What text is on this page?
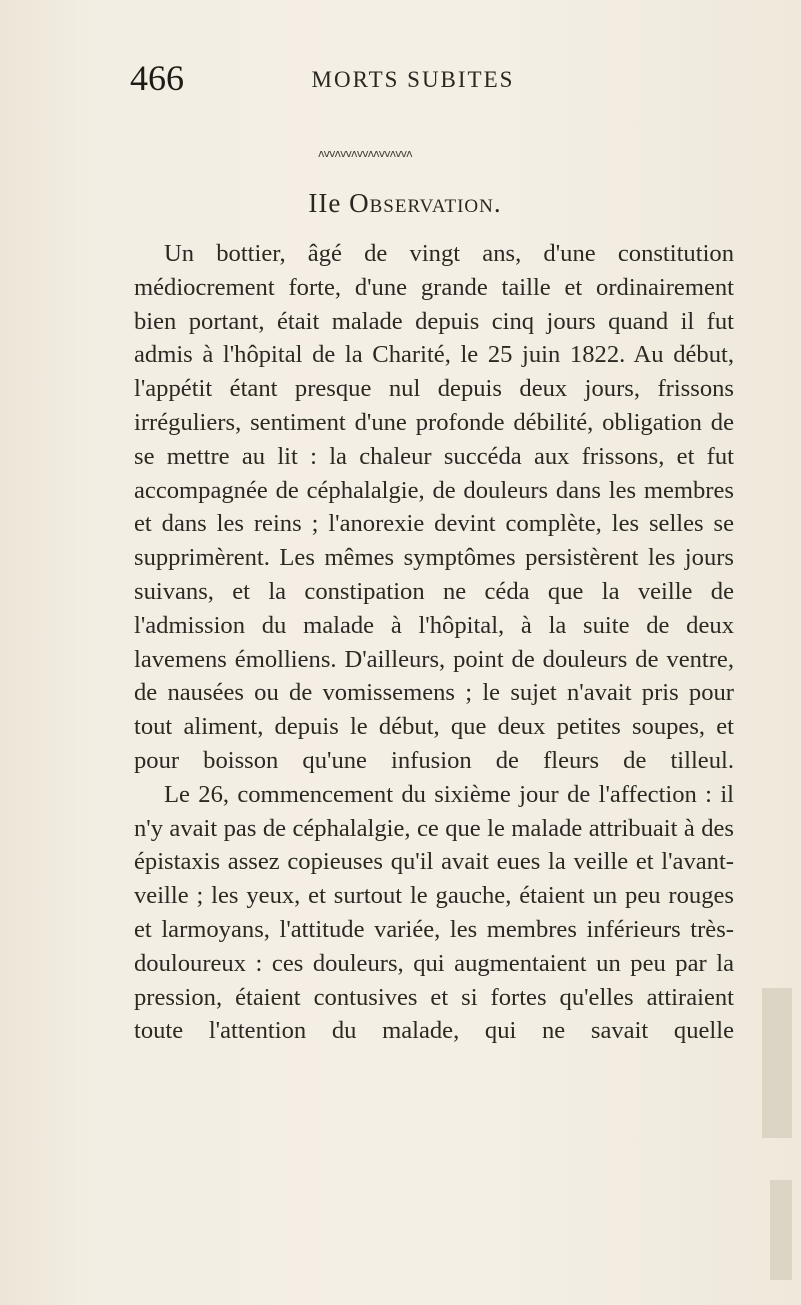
466	MORTS SUBITES
ʌvvʌvvʌvvʌʌvvʌvvʌ
IIe Observation.

Un bottier, âgé de vingt ans, d'une constitution médiocrement forte, d'une grande taille et ordinairement bien portant, était malade depuis cinq jours quand il fut admis à l'hôpital de la Charité, le 25 juin 1822. Au début, l'appétit étant presque nul depuis deux jours, frissons irréguliers, sentiment d'une profonde débilité, obligation de se mettre au lit : la chaleur succéda aux frissons, et fut accompagnée de céphalalgie, de douleurs dans les membres et dans les reins ; l'anorexie devint complète, les selles se supprimèrent. Les mêmes symptômes persistèrent les jours suivans, et la constipation ne céda que la veille de l'admission du malade à l'hôpital, à la suite de deux lavemens émolliens. D'ailleurs, point de douleurs de ventre, de nausées ou de vomissemens ; le sujet n'avait pris pour tout aliment, depuis le début, que deux petites soupes, et pour boisson qu'une infusion de fleurs de tilleul.

Le 26, commencement du sixième jour de l'affection : il n'y avait pas de céphalalgie, ce que le malade attribuait à des épistaxis assez copieuses qu'il avait eues la veille et l'avant-veille ; les yeux, et surtout le gauche, étaient un peu rouges et larmoyans, l'attitude variée, les membres inférieurs très-douloureux : ces douleurs, qui augmentaient un peu par la pression, étaient contusives et si fortes qu'elles attiraient toute l'attention du malade, qui ne savait quelle
